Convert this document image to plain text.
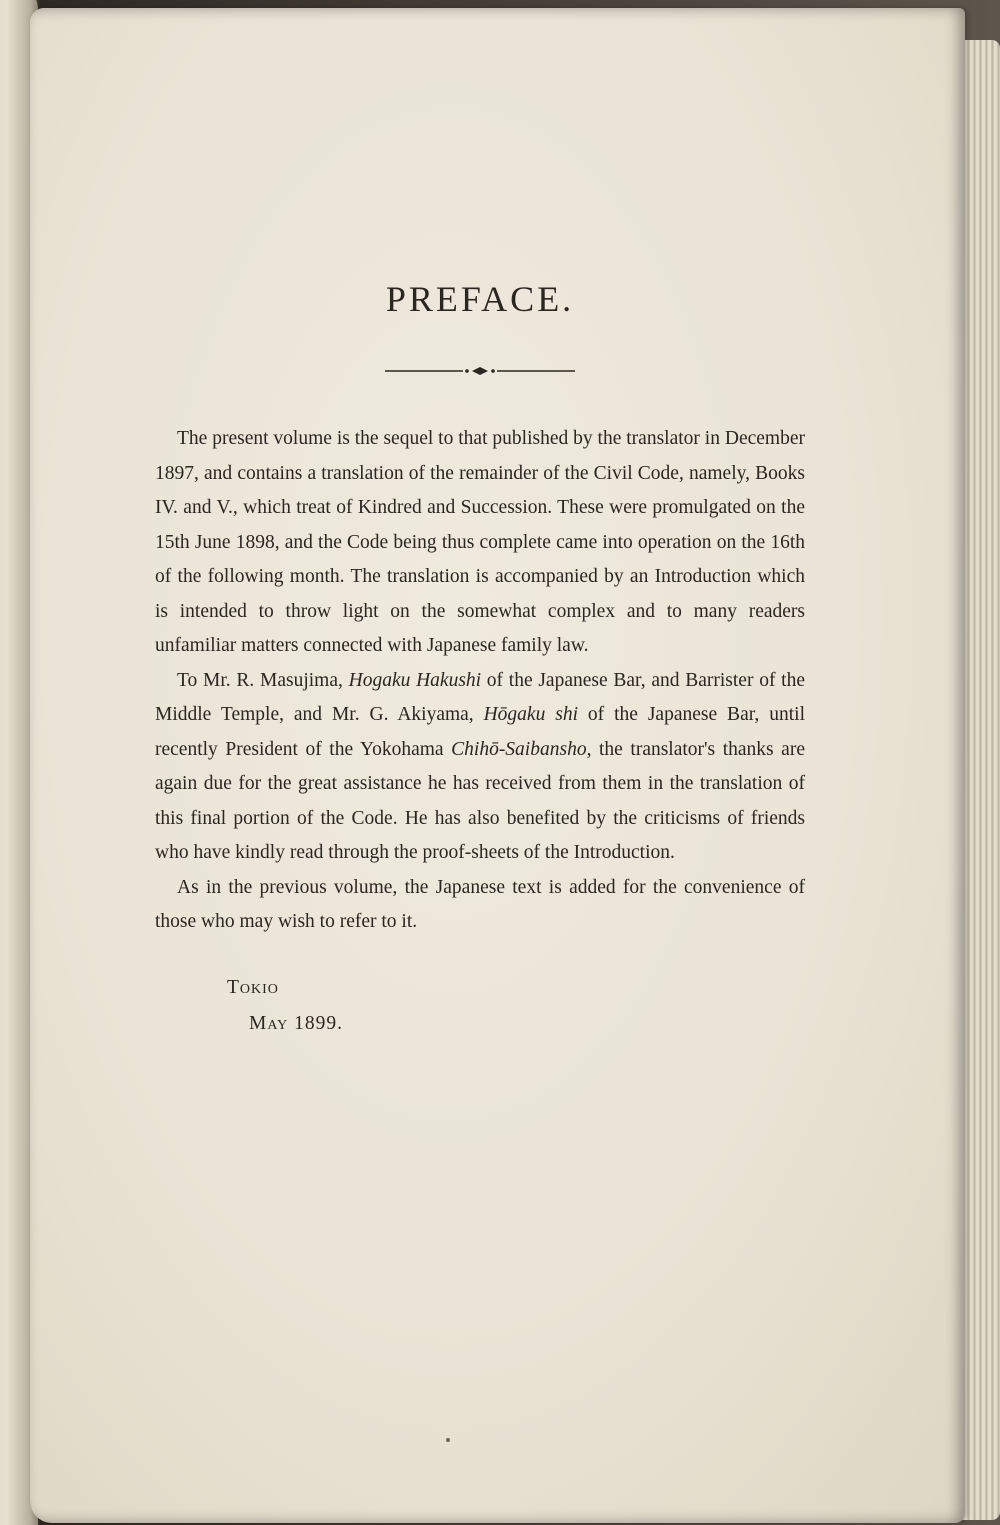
PREFACE.

The present volume is the sequel to that published by the translator in December 1897, and contains a translation of the remainder of the Civil Code, namely, Books IV. and V., which treat of Kindred and Succession. These were promulgated on the 15th June 1898, and the Code being thus complete came into operation on the 16th of the following month. The translation is accompanied by an Introduction which is intended to throw light on the somewhat complex and to many readers unfamiliar matters connected with Japanese family law.

To Mr. R. Masujima, Hogaku Hakushi of the Japanese Bar, and Barrister of the Middle Temple, and Mr. G. Akiyama, Hōgaku shi of the Japanese Bar, until recently President of the Yokohama Chihō-Saibansho, the translator's thanks are again due for the great assistance he has received from them in the translation of this final portion of the Code. He has also benefited by the criticisms of friends who have kindly read through the proof-sheets of the Introduction.

As in the previous volume, the Japanese text is added for the convenience of those who may wish to refer to it.

Tokio
May 1899.
